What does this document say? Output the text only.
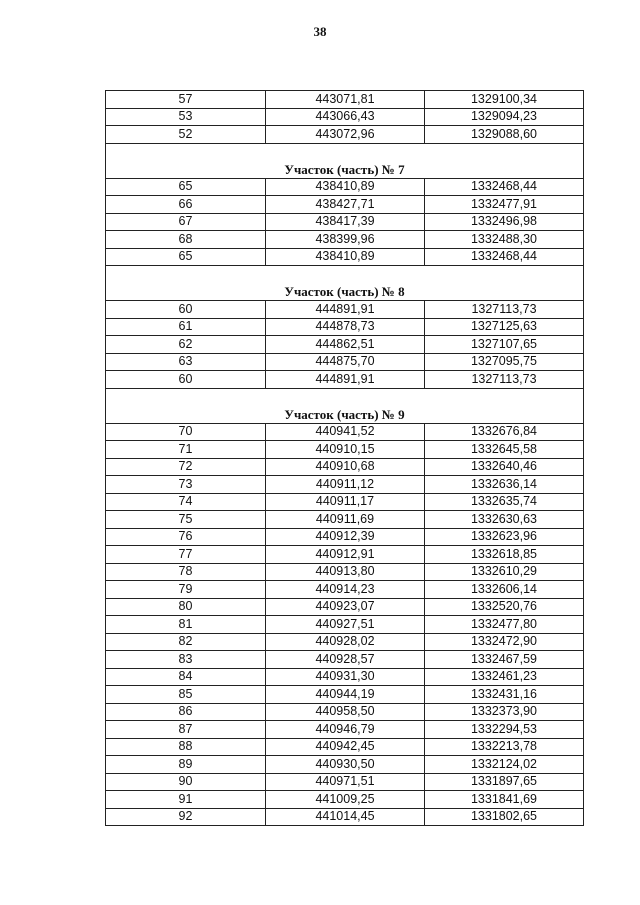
38
57	443071,81	1329100,34
53	443066,43	1329094,23
52	443072,96	1329088,60
Участок (часть) № 7		
65	438410,89	1332468,44
66	438427,71	1332477,91
67	438417,39	1332496,98
68	438399,96	1332488,30
65	438410,89	1332468,44
Участок (часть) № 8		
60	444891,91	1327113,73
61	444878,73	1327125,63
62	444862,51	1327107,65
63	444875,70	1327095,75
60	444891,91	1327113,73
Участок (часть) № 9		
70	440941,52	1332676,84
71	440910,15	1332645,58
72	440910,68	1332640,46
73	440911,12	1332636,14
74	440911,17	1332635,74
75	440911,69	1332630,63
76	440912,39	1332623,96
77	440912,91	1332618,85
78	440913,80	1332610,29
79	440914,23	1332606,14
80	440923,07	1332520,76
81	440927,51	1332477,80
82	440928,02	1332472,90
83	440928,57	1332467,59
84	440931,30	1332461,23
85	440944,19	1332431,16
86	440958,50	1332373,90
87	440946,79	1332294,53
88	440942,45	1332213,78
89	440930,50	1332124,02
90	440971,51	1331897,65
91	441009,25	1331841,69
92	441014,45	1331802,65
